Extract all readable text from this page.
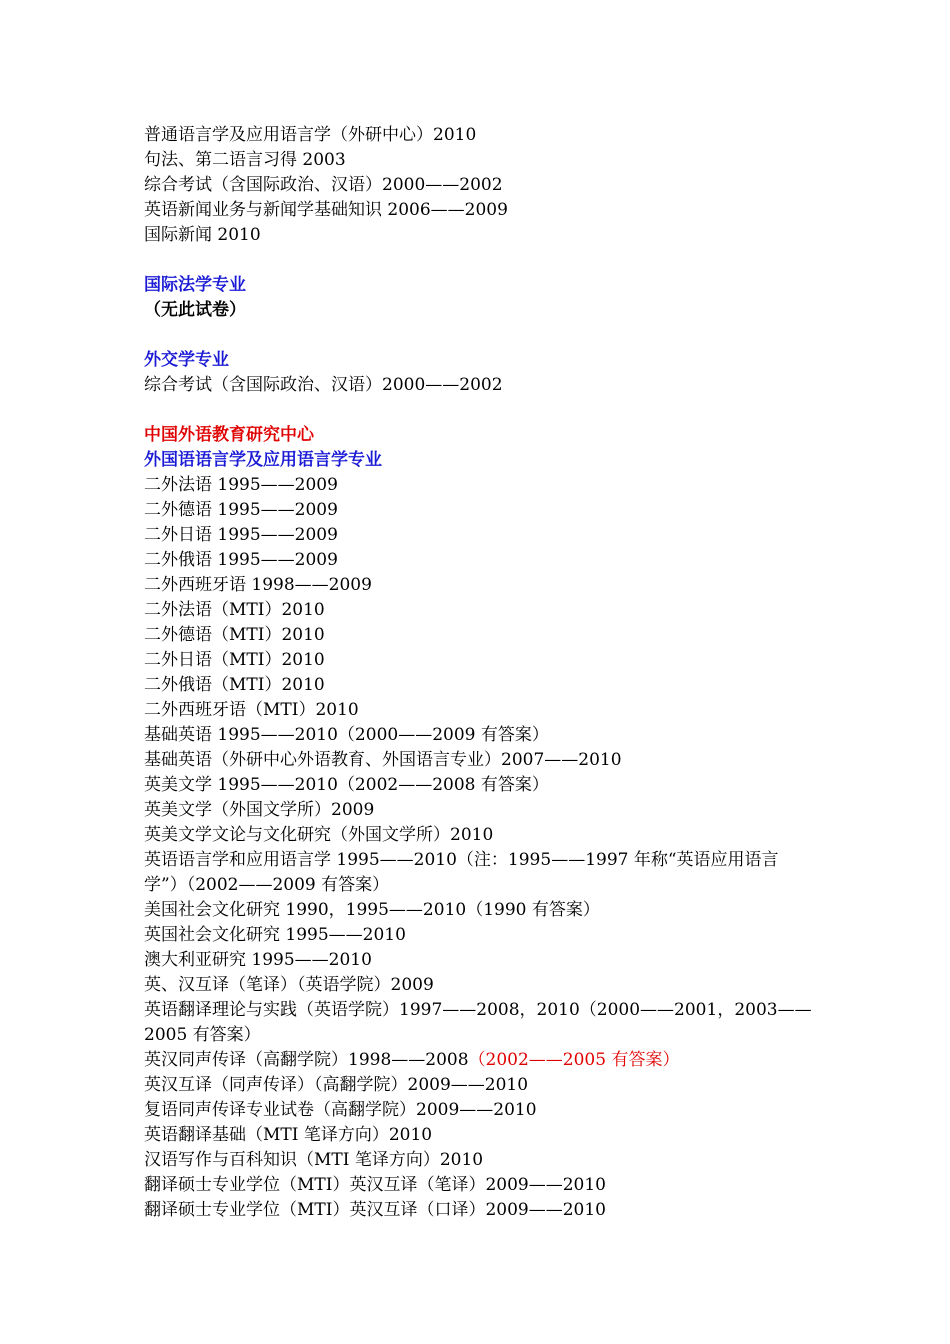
普通语言学及应用语言学（外研中心）2010
句法、第二语言习得 2003
综合考试（含国际政治、汉语）2000——2002
英语新闻业务与新闻学基础知识 2006——2009
国际新闻 2010
国际法学专业
（无此试卷）
外交学专业
综合考试（含国际政治、汉语）2000——2002
中国外语教育研究中心
外国语语言学及应用语言学专业
二外法语 1995——2009
二外德语 1995——2009
二外日语 1995——2009
二外俄语 1995——2009
二外西班牙语 1998——2009
二外法语（MTI）2010
二外德语（MTI）2010
二外日语（MTI）2010
二外俄语（MTI）2010
二外西班牙语（MTI）2010
基础英语 1995——2010（2000——2009 有答案）
基础英语（外研中心外语教育、外国语言专业）2007——2010
英美文学 1995——2010（2002——2008 有答案）
英美文学（外国文学所）2009
英美文学文论与文化研究（外国文学所）2010
英语语言学和应用语言学 1995——2010（注：1995——1997 年称“英语应用语言学”）（2002——2009 有答案）
美国社会文化研究 1990，1995——2010（1990 有答案）
英国社会文化研究 1995——2010
澳大利亚研究 1995——2010
英、汉互译（笔译）（英语学院）2009
英语翻译理论与实践（英语学院）1997——2008，2010（2000——2001，2003——2005 有答案）
英汉同声传译（高翻学院）1998——2008（2002——2005 有答案）
英汉互译（同声传译）（高翻学院）2009——2010
复语同声传译专业试卷（高翻学院）2009——2010
英语翻译基础（MTI 笔译方向）2010
汉语写作与百科知识（MTI 笔译方向）2010
翻译硕士专业学位（MTI）英汉互译（笔译）2009——2010
翻译硕士专业学位（MTI）英汉互译（口译）2009——2010
